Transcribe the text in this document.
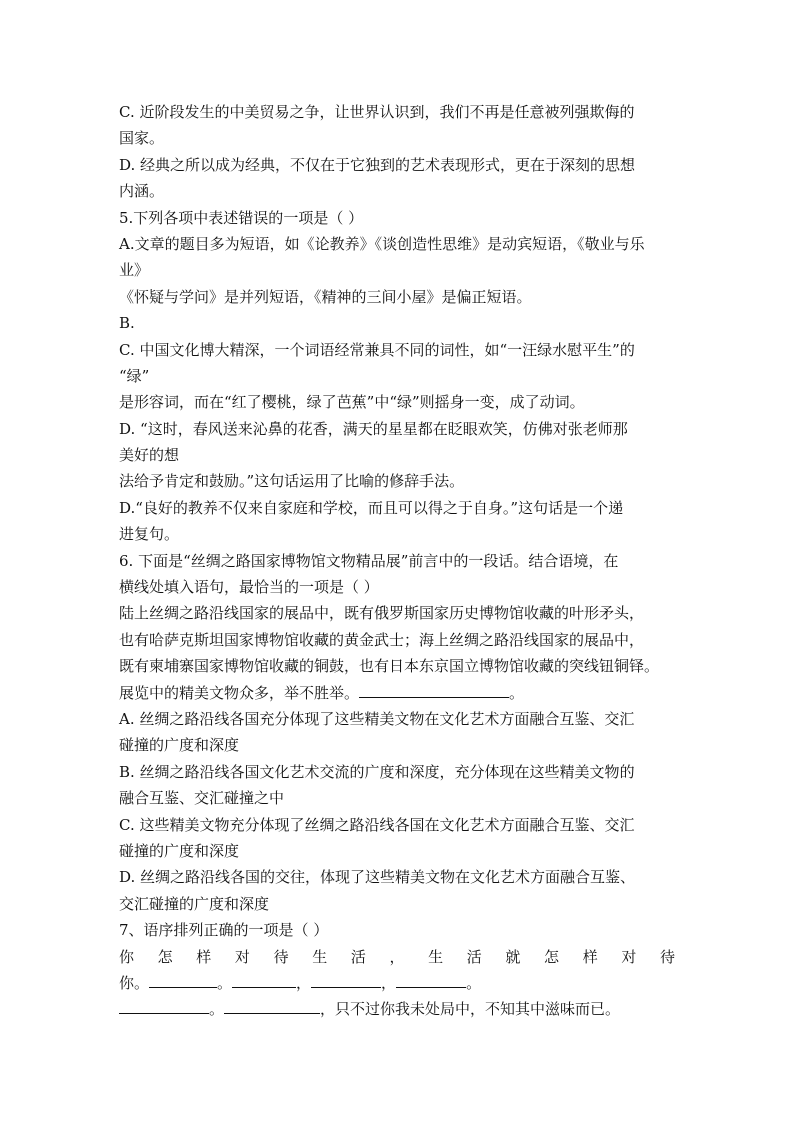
C. 近阶段发生的中美贸易之争，让世界认识到，我们不再是任意被列强欺侮的
国家。
D. 经典之所以成为经典，不仅在于它独到的艺术表现形式，更在于深刻的思想
内涵。
5.下列各项中表述错误的一项是（ ）
A.文章的题目多为短语，如《论教养》《谈创造性思维》是动宾短语，《敬业与乐
业》
《怀疑与学问》是并列短语，《精神的三间小屋》是偏正短语。
B.
C. 中国文化博大精深，一个词语经常兼具不同的词性，如“一汪绿水慰平生”的
“绿”
是形容词，而在“红了樱桃，绿了芭蕉”中“绿”则摇身一变，成了动词。
D. “这时，春风送来沁鼻的花香，满天的星星都在眨眼欢笑，仿佛对张老师那
美好的想
法给予肯定和鼓励。”这句话运用了比喻的修辞手法。
D.“良好的教养不仅来自家庭和学校，而且可以得之于自身。”这句话是一个递
进复句。
6. 下面是“丝绸之路国家博物馆文物精品展”前言中的一段话。结合语境，在
横线处填入语句，最恰当的一项是（ ）
陆上丝绸之路沿线国家的展品中，既有俄罗斯国家历史博物馆收藏的叶形矛头，
也有哈萨克斯坦国家博物馆收藏的黄金武士；海上丝绸之路沿线国家的展品中，
既有柬埔寨国家博物馆收藏的铜鼓，也有日本东京国立博物馆收藏的突线钮铜铎。
展览中的精美文物众多，举不胜举。	。
A. 丝绸之路沿线各国充分体现了这些精美文物在文化艺术方面融合互鉴、交汇
碰撞的广度和深度
B. 丝绸之路沿线各国文化艺术交流的广度和深度，充分体现在这些精美文物的
融合互鉴、交汇碰撞之中
C. 这些精美文物充分体现了丝绸之路沿线各国在文化艺术方面融合互鉴、交汇
碰撞的广度和深度
D. 丝绸之路沿线各国的交往，体现了这些精美文物在文化艺术方面融合互鉴、
交汇碰撞的广度和深度
7、语序排列正确的一项是（ ）
你 怎 样 对 待 生 活 ， 生 活 就 怎 样 对 待
你。	。	，	，	。
。	，只不过你我未处局中，不知其中滋味而已。
